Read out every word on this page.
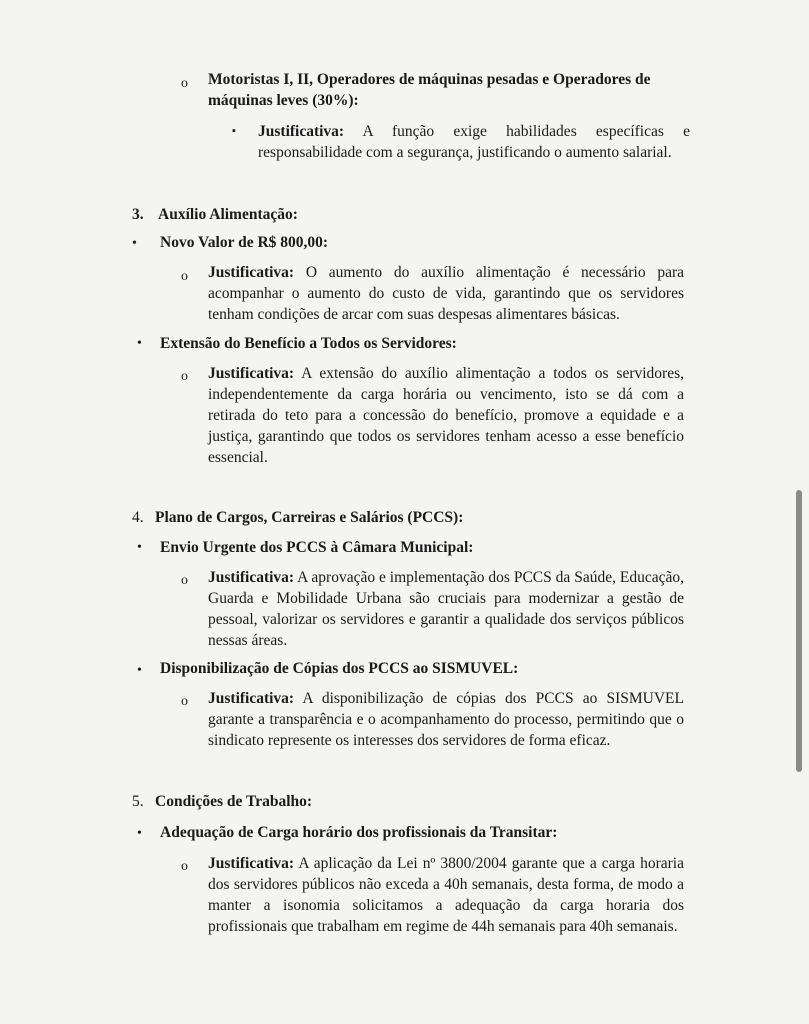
o Motoristas I, II, Operadores de máquinas pesadas e Operadores de máquinas leves (30%):

▪ Justificativa: A função exige habilidades específicas e responsabilidade com a segurança, justificando o aumento salarial.

3. Auxílio Alimentação:
• Novo Valor de R$ 800,00:
o Justificativa: O aumento do auxílio alimentação é necessário para acompanhar o aumento do custo de vida, garantindo que os servidores tenham condições de arcar com suas despesas alimentares básicas.

• Extensão do Benefício a Todos os Servidores:
o Justificativa: A extensão do auxílio alimentação a todos os servidores, independentemente da carga horária ou vencimento, isto se dá com a retirada do teto para a concessão do benefício, promove a equidade e a justiça, garantindo que todos os servidores tenham acesso a esse benefício essencial.

4. Plano de Cargos, Carreiras e Salários (PCCS):
• Envio Urgente dos PCCS à Câmara Municipal:
o Justificativa: A aprovação e implementação dos PCCS da Saúde, Educação, Guarda e Mobilidade Urbana são cruciais para modernizar a gestão de pessoal, valorizar os servidores e garantir a qualidade dos serviços públicos nessas áreas.

• Disponibilização de Cópias dos PCCS ao SISMUVEL:
o Justificativa: A disponibilização de cópias dos PCCS ao SISMUVEL garante a transparência e o acompanhamento do processo, permitindo que o sindicato represente os interesses dos servidores de forma eficaz.

5. Condições de Trabalho:
• Adequação de Carga horário dos profissionais da Transitar:
o Justificativa: A aplicação da Lei nº 3800/2004 garante que a carga horaria dos servidores públicos não exceda a 40h semanais, desta forma, de modo a manter a isonomia solicitamos a adequação da carga horaria dos profissionais que trabalham em regime de 44h semanais para 40h semanais.
